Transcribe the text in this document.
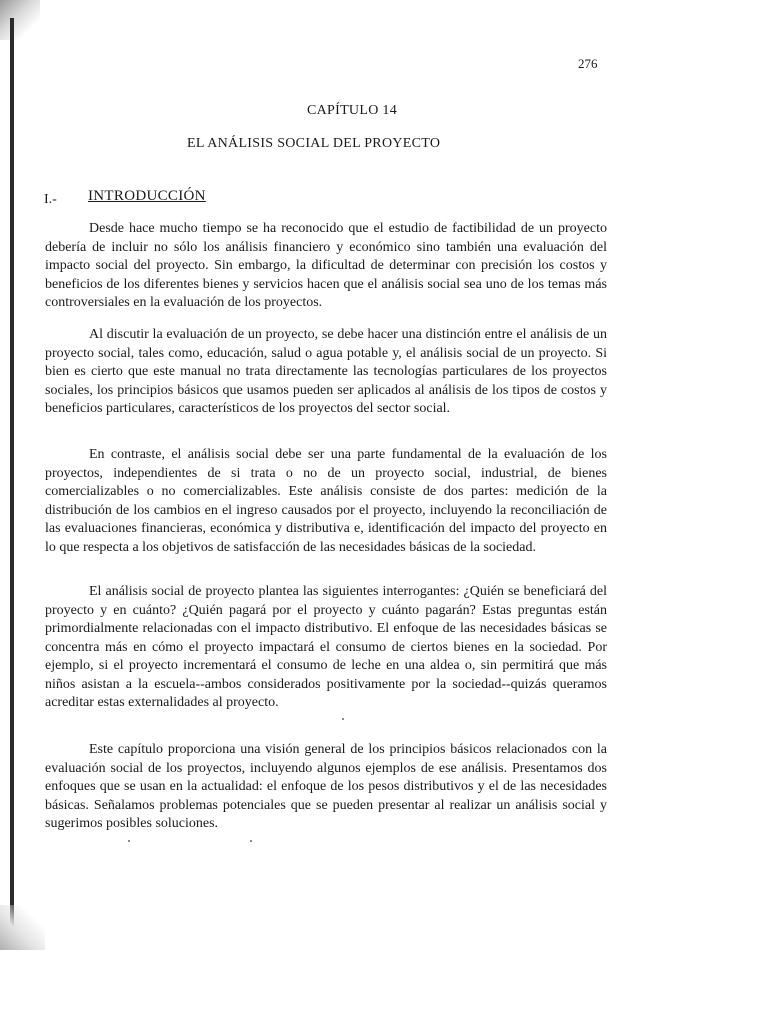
276
CAPÍTULO 14
EL ANÁLISIS SOCIAL DEL PROYECTO
I.- INTRODUCCIÓN

Desde hace mucho tiempo se ha reconocido que el estudio de factibilidad de un proyecto debería de incluir no sólo los análisis financiero y económico sino también una evaluación del impacto social del proyecto. Sin embargo, la dificultad de determinar con precisión los costos y beneficios de los diferentes bienes y servicios hacen que el análisis social sea uno de los temas más controversiales en la evaluación de los proyectos.

Al discutir la evaluación de un proyecto, se debe hacer una distinción entre el análisis de un proyecto social, tales como, educación, salud o agua potable y, el análisis social de un proyecto. Si bien es cierto que este manual no trata directamente las tecnologías particulares de los proyectos sociales, los principios básicos que usamos pueden ser aplicados al análisis de los tipos de costos y beneficios particulares, característicos de los proyectos del sector social.

En contraste, el análisis social debe ser una parte fundamental de la evaluación de los proyectos, independientes de si trata o no de un proyecto social, industrial, de bienes comercializables o no comercializables. Este análisis consiste de dos partes: medición de la distribución de los cambios en el ingreso causados por el proyecto, incluyendo la reconciliación de las evaluaciones financieras, económica y distributiva e, identificación del impacto del proyecto en lo que respecta a los objetivos de satisfacción de las necesidades básicas de la sociedad.

El análisis social de proyecto plantea las siguientes interrogantes: ¿Quién se beneficiará del proyecto y en cuánto? ¿Quién pagará por el proyecto y cuánto pagarán? Estas preguntas están primordialmente relacionadas con el impacto distributivo. El enfoque de las necesidades básicas se concentra más en cómo el proyecto impactará el consumo de ciertos bienes en la sociedad. Por ejemplo, si el proyecto incrementará el consumo de leche en una aldea o, sin permitirá que más niños asistan a la escuela--ambos considerados positivamente por la sociedad--quizás queramos acreditar estas externalidades al proyecto.

Este capítulo proporciona una visión general de los principios básicos relacionados con la evaluación social de los proyectos, incluyendo algunos ejemplos de ese análisis. Presentamos dos enfoques que se usan en la actualidad: el enfoque de los pesos distributivos y el de las necesidades básicas. Señalamos problemas potenciales que se pueden presentar al realizar un análisis social y sugerimos posibles soluciones.
